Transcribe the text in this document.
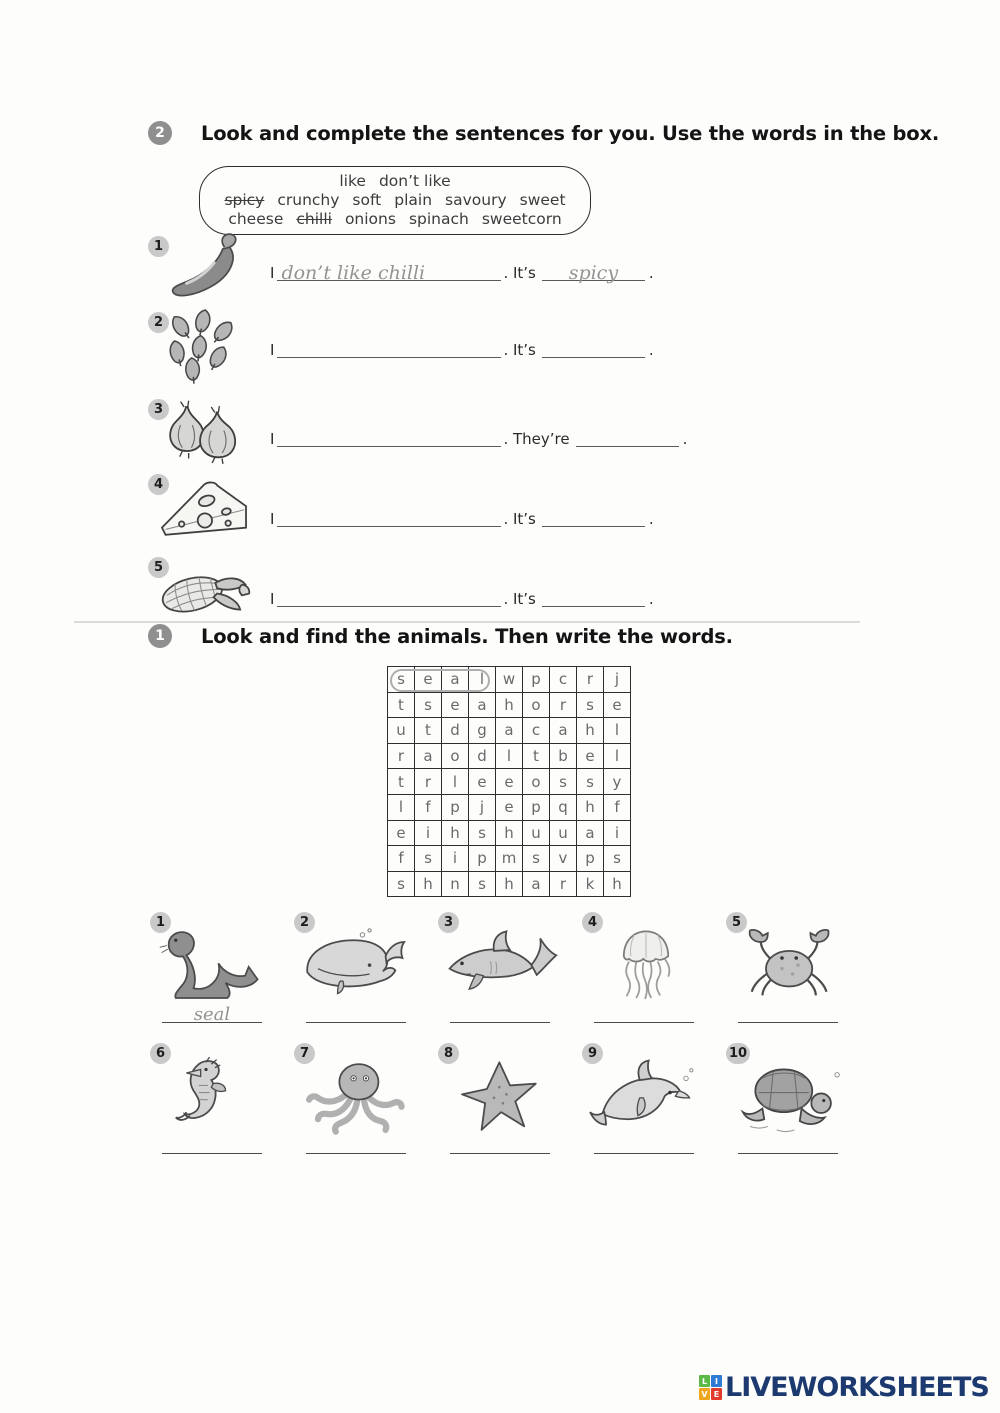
2	Look and complete the sentences for you. Use the words in the box.
like don’t like
spicy crunchy soft plain savoury sweet
cheese chilli onions spinach sweetcorn
1
I don’t like chilli	. It’s	spicy	.
2
I	. It’s	.
3
I	. They’re	.
4
I	. It’s	.
5
I	. It’s	.
1	Look and find the animals. Then write the words.
s	e	a	l	w	p	c	r	j
t	s	e	a	h	o	r	s	e
u	t	d	g	a	c	a	h	l
r	a	o	d	l	t	b	e	l
t	r	l	e	e	o	s	s	y
l	f	p	j	e	p	q	h	f
e	i	h	s	h	u	u	a	i
f	s	i	p	m	s	v	p	s
s	h	n	s	h	a	r	k	h
1
seal
2	3	4	5
6	7	8	9	10
L I
V E LIVEWORKSHEETS
